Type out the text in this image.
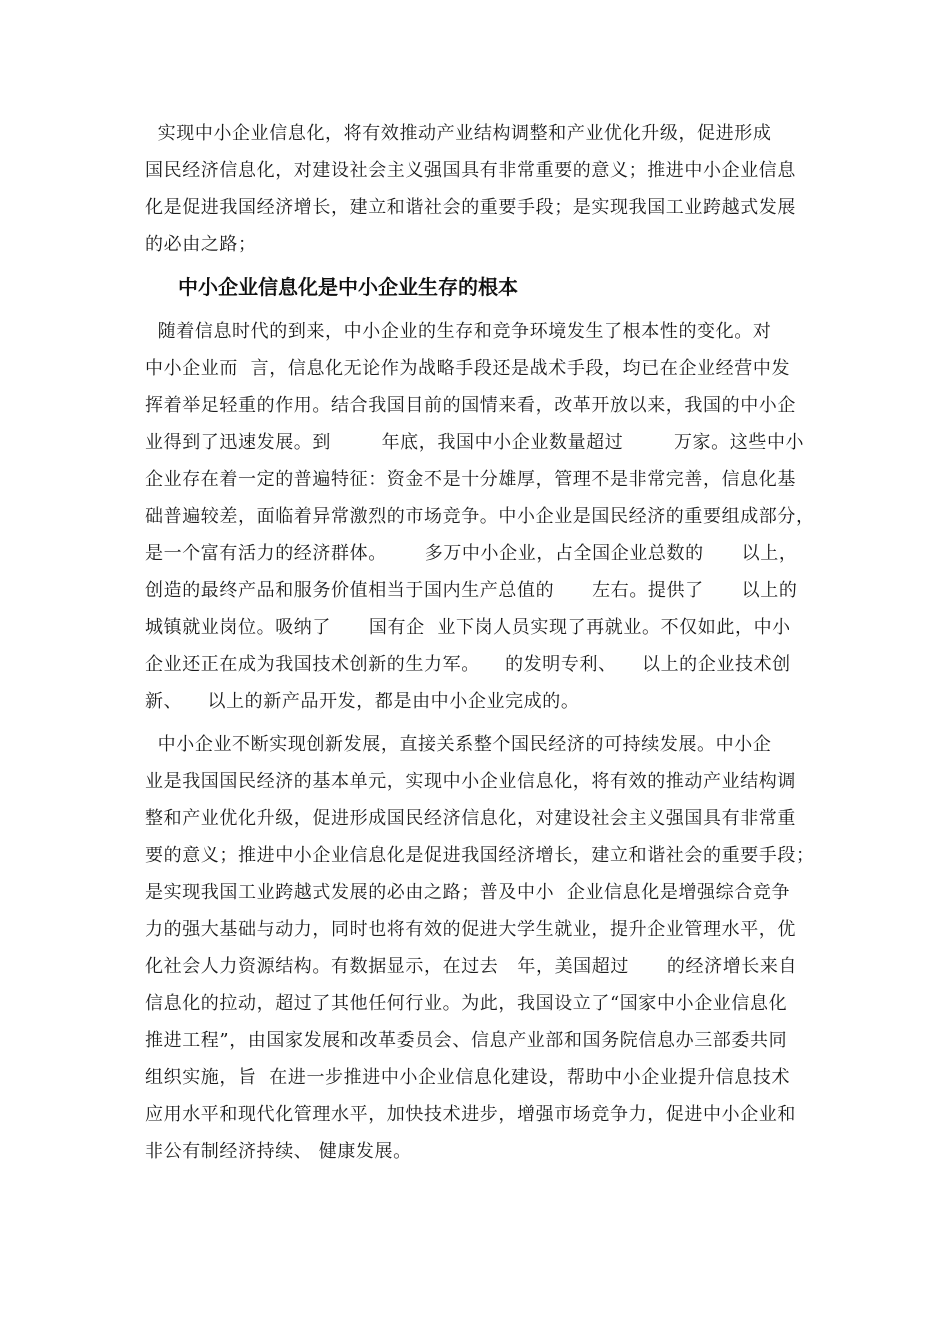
实现中小企业信息化，将有效推动产业结构调整和产业优化升级，促进形成
国民经济信息化，对建设社会主义强国具有非常重要的意义；推进中小企业信息
化是促进我国经济增长，建立和谐社会的重要手段；是实现我国工业跨越式发展
的必由之路；
中小企业信息化是中小企业生存的根本
随着信息时代的到来，中小企业的生存和竞争环境发生了根本性的变化。对
中小企业而  言，信息化无论作为战略手段还是战术手段，均已在企业经营中发
挥着举足轻重的作用。结合我国目前的国情来看，改革开放以来，我国的中小企
业得到了迅速发展。到        年底，我国中小企业数量超过        万家。这些中小
企业存在着一定的普遍特征：资金不是十分雄厚，管理不是非常完善，信息化基
础普遍较差，面临着异常激烈的市场竞争。中小企业是国民经济的重要组成部分，
是一个富有活力的经济群体。      多万中小企业，占全国企业总数的      以上，
创造的最终产品和服务价值相当于国内生产总值的      左右。提供了      以上的
城镇就业岗位。吸纳了      国有企  业下岗人员实现了再就业。不仅如此，中小
企业还正在成为我国技术创新的生力军。    的发明专利、    以上的企业技术创
新、    以上的新产品开发，都是由中小企业完成的。
中小企业不断实现创新发展，直接关系整个国民经济的可持续发展。中小企
业是我国国民经济的基本单元，实现中小企业信息化，将有效的推动产业结构调
整和产业优化升级，促进形成国民经济信息化，对建设社会主义强国具有非常重
要的意义；推进中小企业信息化是促进我国经济增长，建立和谐社会的重要手段；
是实现我国工业跨越式发展的必由之路；普及中小  企业信息化是增强综合竞争
力的强大基础与动力，同时也将有效的促进大学生就业，提升企业管理水平，优
化社会人力资源结构。有数据显示，在过去   年，美国超过      的经济增长来自
信息化的拉动，超过了其他任何行业。为此，我国设立了“国家中小企业信息化
推进工程”，由国家发展和改革委员会、信息产业部和国务院信息办三部委共同
组织实施，旨  在进一步推进中小企业信息化建设，帮助中小企业提升信息技术
应用水平和现代化管理水平，加快技术进步，增强市场竞争力，促进中小企业和
非公有制经济持续、 健康发展。
